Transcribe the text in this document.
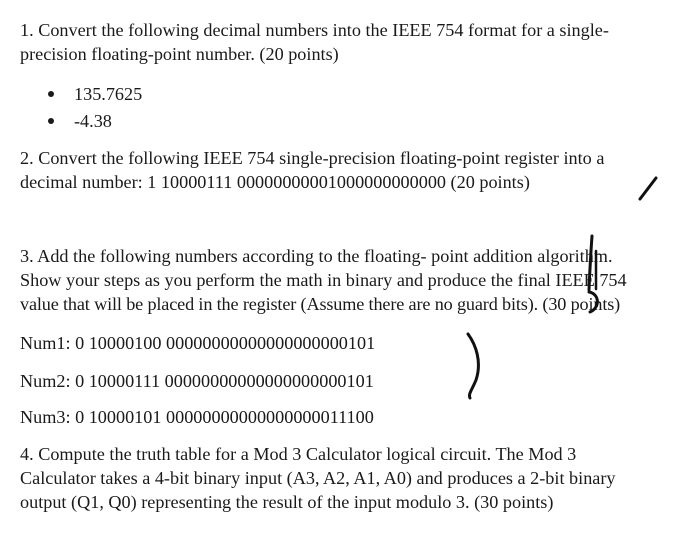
1. Convert the following decimal numbers into the IEEE 754 format for a single-
precision floating-point number. (20 points)
135.7625
-4.38
2. Convert the following IEEE 754 single-precision floating-point register into a
decimal number: 1 10000111 00000000001000000000000 (20 points)
3. Add the following numbers according to the floating- point addition algorithm.
Show your steps as you perform the math in binary and produce the final IEEE 754
value that will be placed in the register (Assume there are no guard bits). (30 points)
Num1: 0 10000100 00000000000000000000101
Num2: 0 10000111 00000000000000000000101
Num3: 0 10000101 00000000000000000011100
4. Compute the truth table for a Mod 3 Calculator logical circuit. The Mod 3
Calculator takes a 4-bit binary input (A3, A2, A1, A0) and produces a 2-bit binary
output (Q1, Q0) representing the result of the input modulo 3. (30 points)
